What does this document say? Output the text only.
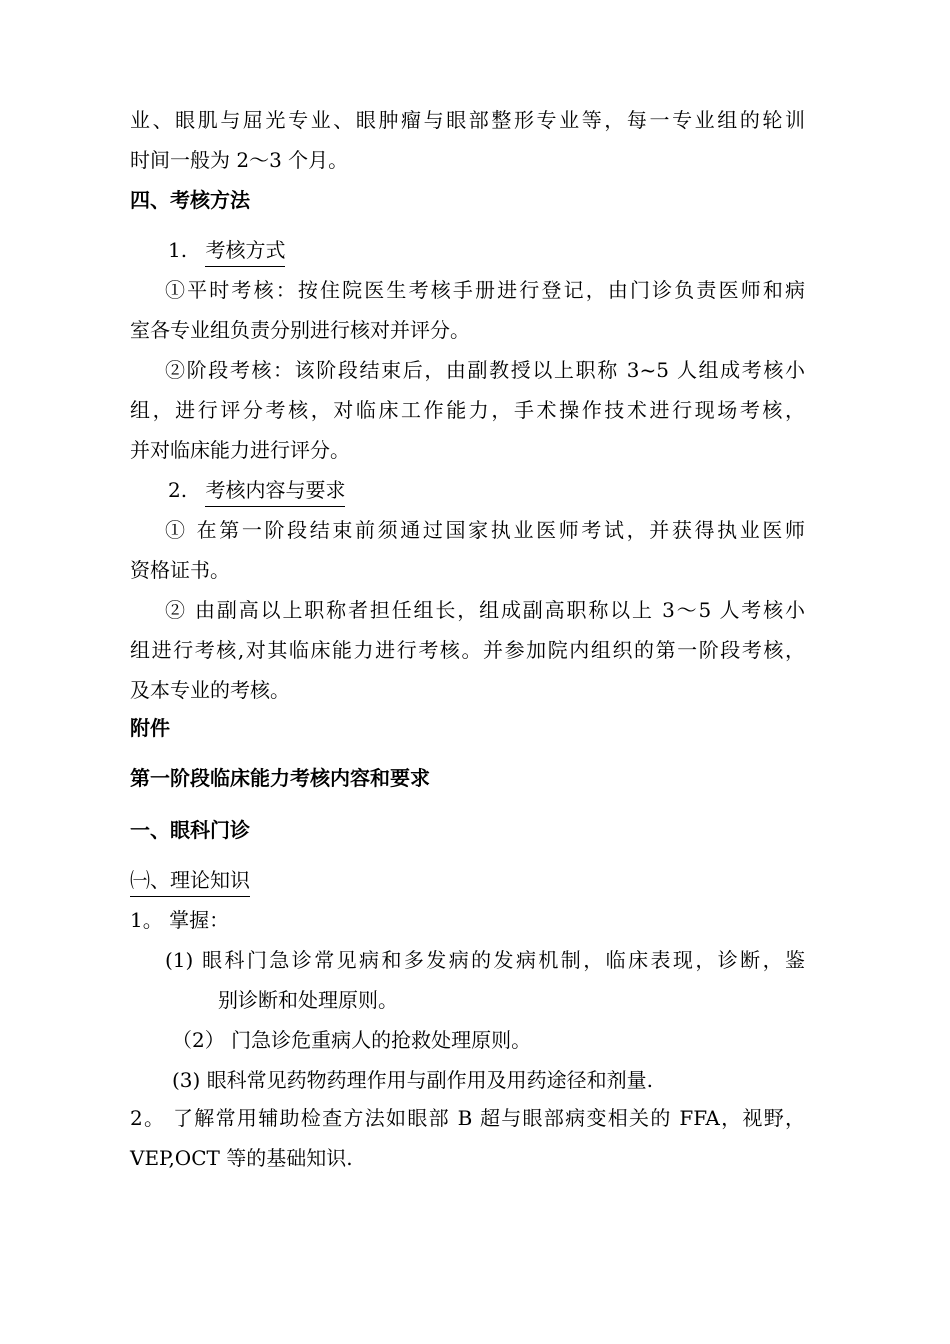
业、眼肌与屈光专业、眼肿瘤与眼部整形专业等，每一专业组的轮训
时间一般为 2～3 个月。
四、考核方法
1. 考核方式
①平时考核：按住院医生考核手册进行登记，由门诊负责医师和病
室各专业组负责分别进行核对并评分。
②阶段考核：该阶段结束后，由副教授以上职称 3~5 人组成考核小
组，进行评分考核，对临床工作能力，手术操作技术进行现场考核，
并对临床能力进行评分。
2. 考核内容与要求
① 在第一阶段结束前须通过国家执业医师考试，并获得执业医师
资格证书。
② 由副高以上职称者担任组长，组成副高职称以上 3～5 人考核小
组进行考核,对其临床能力进行考核。并参加院内组织的第一阶段考核，
及本专业的考核。
附件
第一阶段临床能力考核内容和要求
一、眼科门诊
㈠、理论知识
1。 掌握：
(1) 眼科门急诊常见病和多发病的发病机制，临床表现，诊断，鉴
别诊断和处理原则。
（2） 门急诊危重病人的抢救处理原则。
(3) 眼科常见药物药理作用与副作用及用药途径和剂量.
2。 了解常用辅助检查方法如眼部 B 超与眼部病变相关的 FFA，视野，
VEP,OCT 等的基础知识.
